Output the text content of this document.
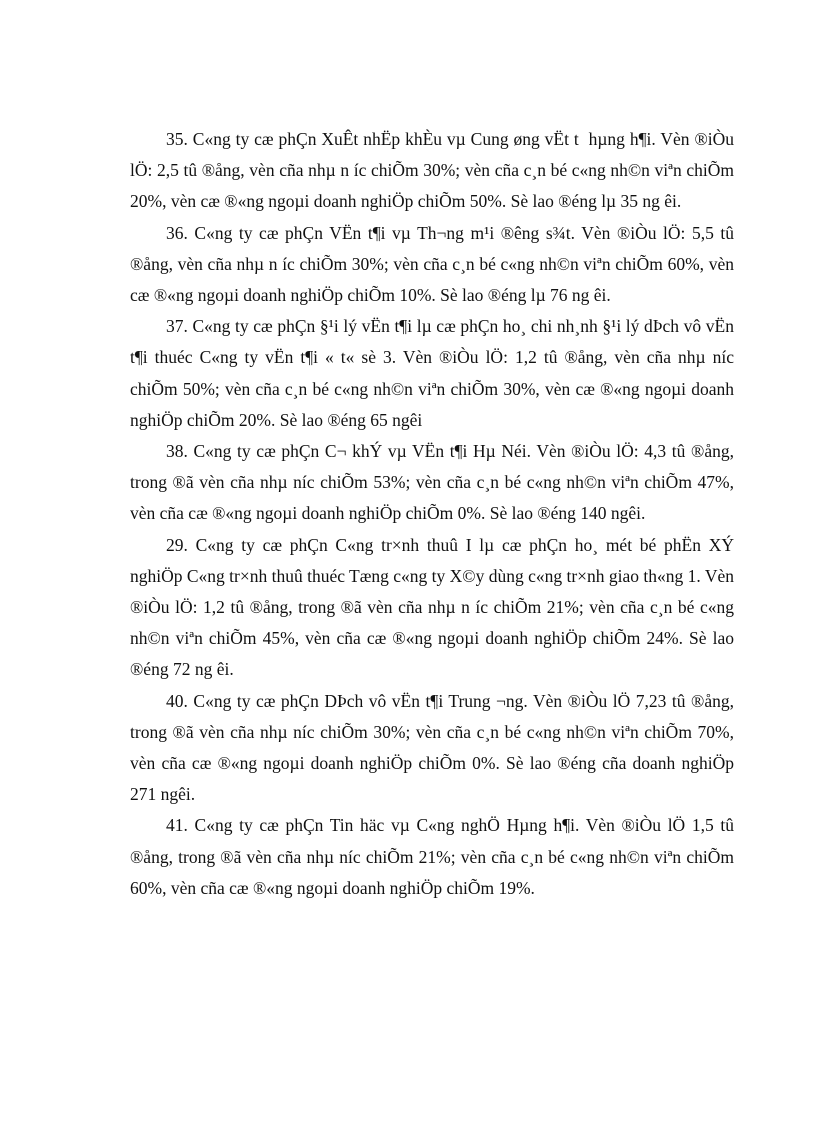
35. C«ng ty cæ phÇn XuÊt nhËp khÈu vµ Cung øng vËt t  hµng h¶i. Vèn ®iÒu lÖ: 2,5 tû ®ång, vèn cña nhµ n íc chiÕm 30%; vèn cña c¸n bé c«ng nh©n viªn chiÕm 20%, vèn cæ ®«ng ngoµi doanh nghiÖp chiÕm 50%. Sè lao ®éng lµ 35 ng êi.

36. C«ng ty cæ phÇn VËn t¶i vµ Th¬ng m¹i ®êng s¾t. Vèn ®iÒu lÖ: 5,5 tû ®ång, vèn cña nhµ n íc chiÕm 30%; vèn cña c¸n bé c«ng nh©n viªn chiÕm 60%, vèn cæ ®«ng ngoµi doanh nghiÖp chiÕm 10%. Sè lao ®éng lµ 76 ng êi.

37. C«ng ty cæ phÇn §¹i lý vËn t¶i lµ cæ phÇn ho¸ chi nh¸nh §¹i lý dÞch vô vËn t¶i thuéc C«ng ty vËn t¶i « t« sè 3. Vèn ®iÒu lÖ: 1,2 tû ®ång, vèn cña nhµ níc chiÕm 50%; vèn cña c¸n bé c«ng nh©n viªn chiÕm 30%, vèn cæ ®«ng ngoµi doanh nghiÖp chiÕm 20%. Sè lao ®éng 65 ngêi

38. C«ng ty cæ phÇn C¬ khÝ vµ VËn t¶i Hµ Néi. Vèn ®iÒu lÖ: 4,3 tû ®ång, trong ®ã vèn cña nhµ níc chiÕm 53%; vèn cña c¸n bé c«ng nh©n viªn chiÕm 47%, vèn cña cæ ®«ng ngoµi doanh nghiÖp chiÕm 0%. Sè lao ®éng 140 ngêi.

29. C«ng ty cæ phÇn C«ng tr×nh thuû I lµ cæ phÇn ho¸ mét bé phËn XÝ nghiÖp C«ng tr×nh thuû thuéc Tæng c«ng ty X©y dùng c«ng tr×nh giao th«ng 1. Vèn ®iÒu lÖ: 1,2 tû ®ång, trong ®ã vèn cña nhµ n íc chiÕm 21%; vèn cña c¸n bé c«ng nh©n viªn chiÕm 45%, vèn cña cæ ®«ng ngoµi doanh nghiÖp chiÕm 24%. Sè lao ®éng 72 ng êi.

40. C«ng ty cæ phÇn DÞch vô vËn t¶i Trung ¬ng. Vèn ®iÒu lÖ 7,23 tû ®ång, trong ®ã vèn cña nhµ níc chiÕm 30%; vèn cña c¸n bé c«ng nh©n viªn chiÕm 70%, vèn cña cæ ®«ng ngoµi doanh nghiÖp chiÕm 0%. Sè lao ®éng cña doanh nghiÖp 271 ngêi.

41. C«ng ty cæ phÇn Tin häc vµ C«ng nghÖ Hµng h¶i. Vèn ®iÒu lÖ 1,5 tû ®ång, trong ®ã vèn cña nhµ níc chiÕm 21%; vèn cña c¸n bé c«ng nh©n viªn chiÕm 60%, vèn cña cæ ®«ng ngoµi doanh nghiÖp chiÕm 19%.
